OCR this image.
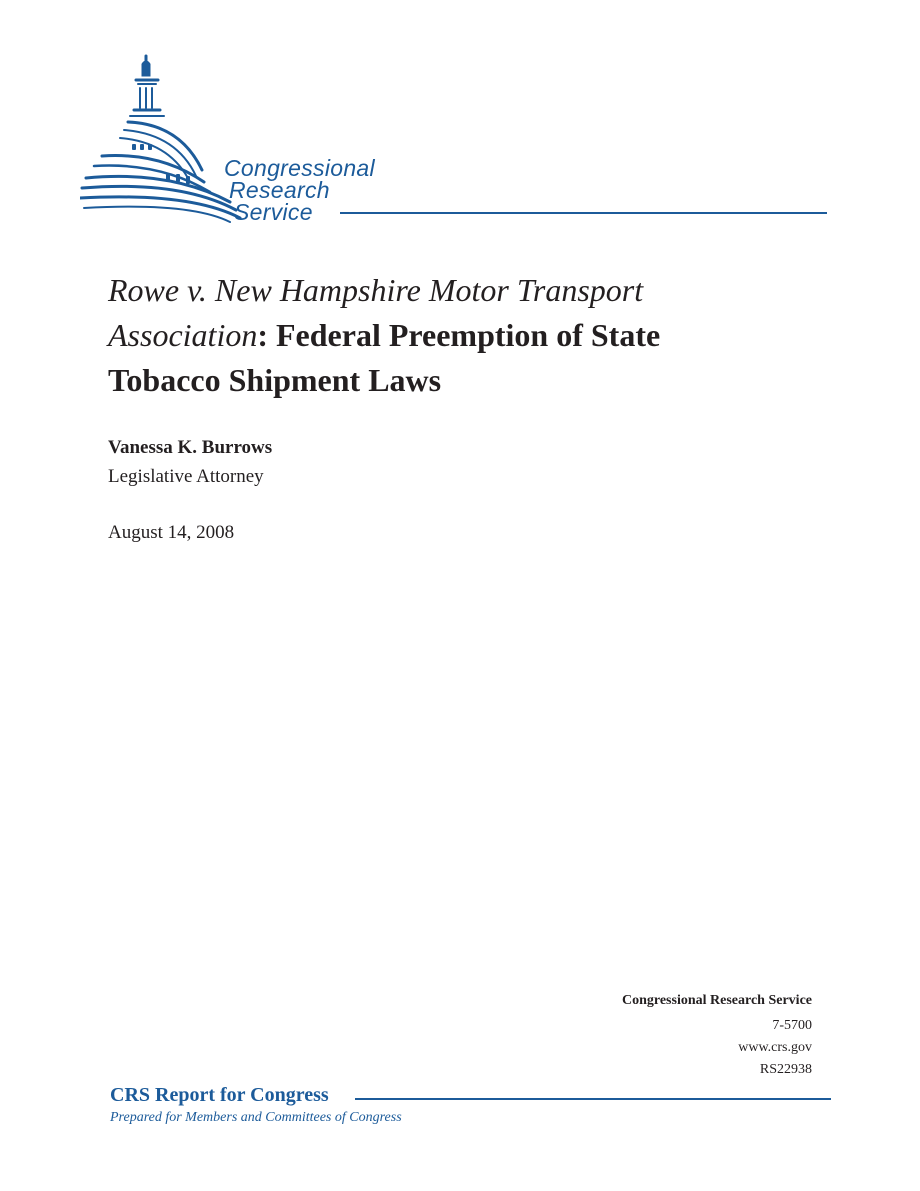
Congressional
Research
Service
Rowe v. New Hampshire Motor Transport
Association: Federal Preemption of State
Tobacco Shipment Laws
Vanessa K. Burrows
Legislative Attorney
August 14, 2008
Congressional Research Service
7-5700
www.crs.gov
RS22938
CRS Report for Congress
Prepared for Members and Committees of Congress
